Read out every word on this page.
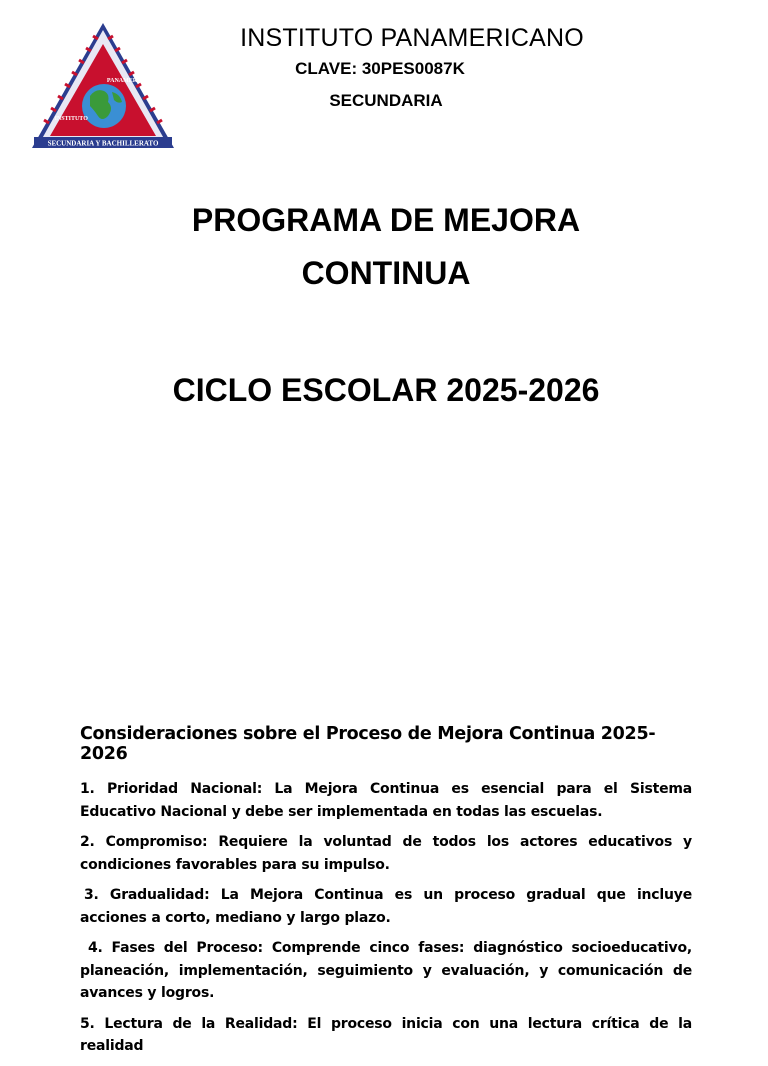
INSTITUTO PANAMERICANO
SECUNDARIA Y BACHILLERATO
INSTITUTO PANAMERICANO
CLAVE: 30PES0087K
SECUNDARIA
PROGRAMA DE MEJORA
CONTINUA
CICLO ESCOLAR 2025-2026
Consideraciones sobre el Proceso de Mejora Continua 2025-2026

1. Prioridad Nacional: La Mejora Continua es esencial para el Sistema Educativo Nacional y debe ser implementada en todas las escuelas.

2. Compromiso: Requiere la voluntad de todos los actores educativos y condiciones favorables para su impulso.

3. Gradualidad: La Mejora Continua es un proceso gradual que incluye acciones a corto, mediano y largo plazo.

4. Fases del Proceso: Comprende cinco fases: diagnóstico socioeducativo, planeación, implementación, seguimiento y evaluación, y comunicación de avances y logros.

5. Lectura de la Realidad: El proceso inicia con una lectura crítica de la realidad
